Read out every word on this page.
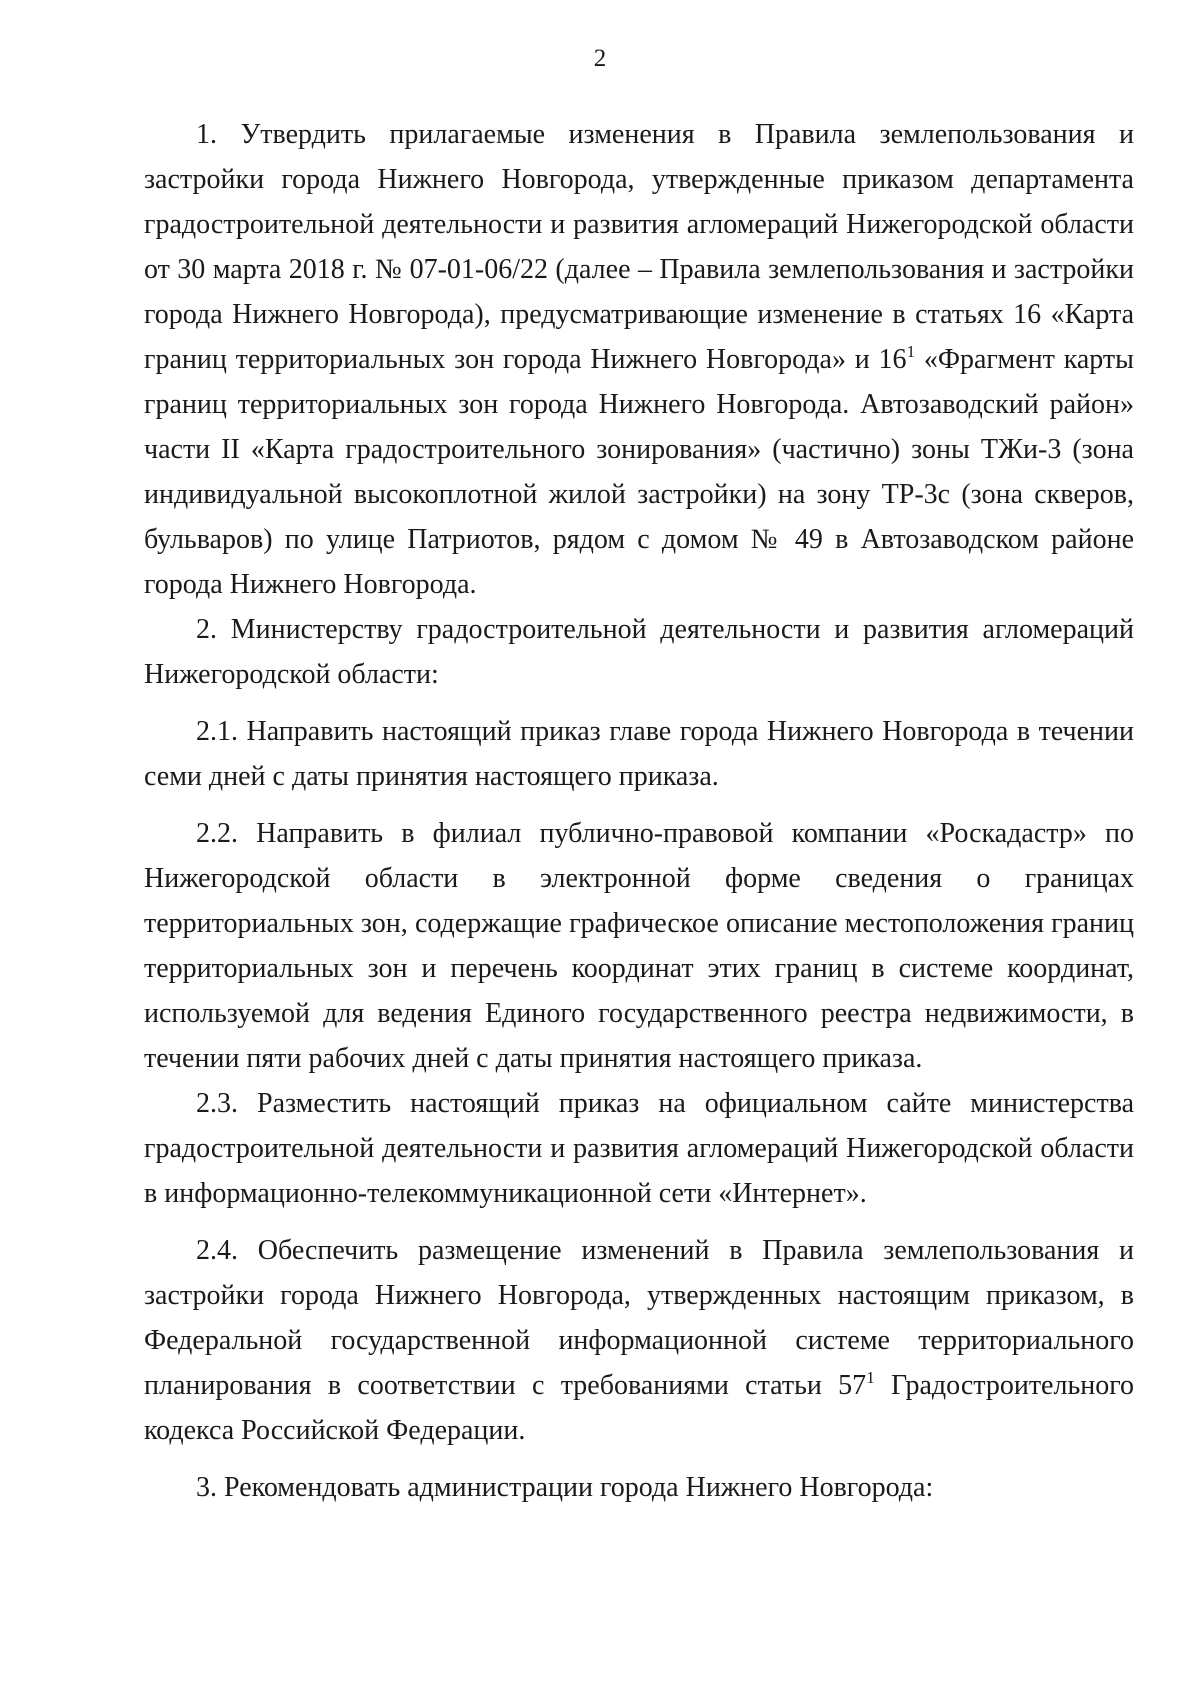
2

1. Утвердить прилагаемые изменения в Правила землепользования и застройки города Нижнего Новгорода, утвержденные приказом департамента градостроительной деятельности и развития агломераций Нижегородской области от 30 марта 2018 г. № 07-01-06/22 (далее – Правила землепользования и застройки города Нижнего Новгорода), предусматривающие изменение в статьях 16 «Карта границ территориальных зон города Нижнего Новгорода» и $16^1$ «Фрагмент карты границ территориальных зон города Нижнего Новгорода. Автозаводский район» части II «Карта градостроительного зонирования» (частично) зоны ТЖи-3 (зона индивидуальной высокоплотной жилой застройки) на зону ТР-3с (зона скверов, бульваров) по улице Патриотов, рядом с домом № 49 в Автозаводском районе города Нижнего Новгорода.

2. Министерству градостроительной деятельности и развития агломераций Нижегородской области:

2.1. Направить настоящий приказ главе города Нижнего Новгорода в течении семи дней с даты принятия настоящего приказа.

2.2. Направить в филиал публично-правовой компании «Роскадастр» по Нижегородской области в электронной форме сведения о границах территориальных зон, содержащие графическое описание местоположения границ территориальных зон и перечень координат этих границ в системе координат, используемой для ведения Единого государственного реестра недвижимости, в течении пяти рабочих дней с даты принятия настоящего приказа.

2.3. Разместить настоящий приказ на официальном сайте министерства градостроительной деятельности и развития агломераций Нижегородской области в информационно-телекоммуникационной сети «Интернет».

2.4. Обеспечить размещение изменений в Правила землепользования и застройки города Нижнего Новгорода, утвержденных настоящим приказом, в Федеральной государственной информационной системе территориального планирования в соответствии с требованиями статьи $57^1$ Градостроительного кодекса Российской Федерации.

3. Рекомендовать администрации города Нижнего Новгорода:
